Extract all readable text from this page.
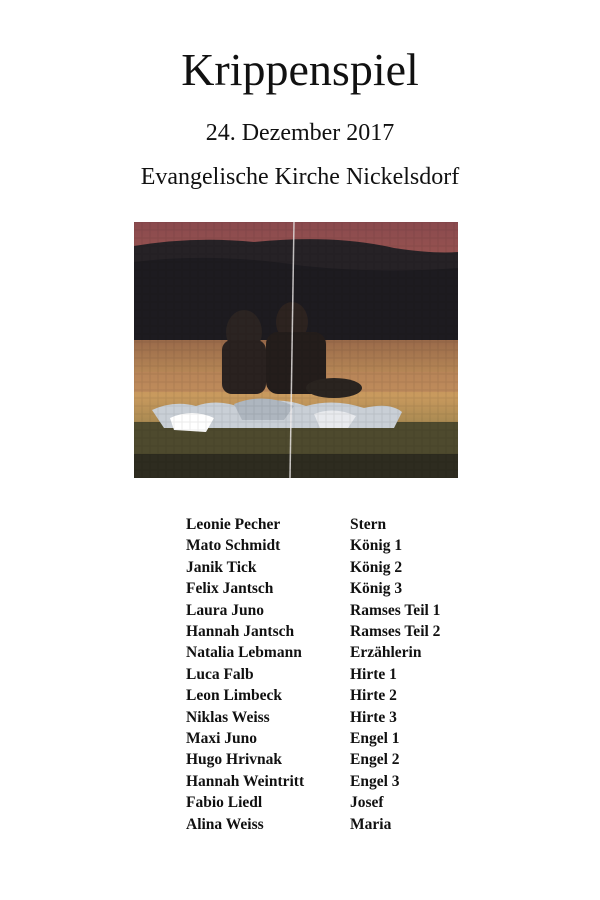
Krippenspiel
24. Dezember 2017
Evangelische Kirche Nickelsdorf
Leonie Pecher	Stern
Mato Schmidt	König 1
Janik Tick	König 2
Felix Jantsch	König 3
Laura Juno	Ramses Teil 1
Hannah Jantsch	Ramses Teil 2
Natalia Lebmann	Erzählerin
Luca Falb	Hirte 1
Leon Limbeck	Hirte 2
Niklas Weiss	Hirte 3
Maxi Juno	Engel 1
Hugo Hrivnak	Engel 2
Hannah Weintritt	Engel 3
Fabio Liedl	Josef
Alina Weiss	Maria
